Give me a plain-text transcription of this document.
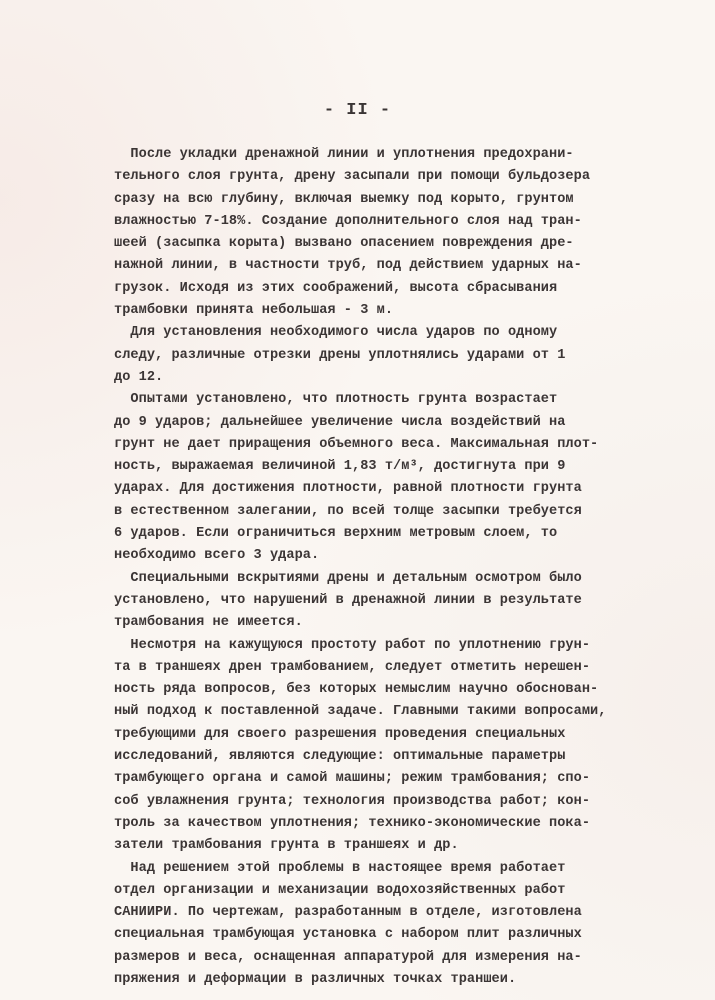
- II -
После укладки дренажной линии и уплотнения предохрани-
тельного слоя грунта, дрену засыпали при помощи бульдозера
сразу на всю глубину, включая выемку под корыто, грунтом
влажностью 7-18%. Создание дополнительного слоя над тран-
шеей (засыпка корыта) вызвано опасением повреждения дре-
нажной линии, в частности труб, под действием ударных на-
грузок. Исходя из этих соображений, высота сбрасывания
трамбовки принята небольшая - 3 м.
Для установления необходимого числа ударов по одному
следу, различные отрезки дрены уплотнялись ударами от 1
до 12.
Опытами установлено, что плотность грунта возрастает
до 9 ударов; дальнейшее увеличение числа воздействий на
грунт не дает приращения объемного веса. Максимальная плот-
ность, выражаемая величиной 1,83 т/м³, достигнута при 9
ударах. Для достижения плотности, равной плотности грунта
в естественном залегании, по всей толще засыпки требуется
6 ударов. Если ограничиться верхним метровым слоем, то
необходимо всего 3 удара.
Специальными вскрытиями дрены и детальным осмотром было
установлено, что нарушений в дренажной линии в результате
трамбования не имеется.
Несмотря на кажущуюся простоту работ по уплотнению грун-
та в траншеях дрен трамбованием, следует отметить нерешен-
ность ряда вопросов, без которых немыслим научно обоснован-
ный подход к поставленной задаче. Главными такими вопросами,
требующими для своего разрешения проведения специальных
исследований, являются следующие: оптимальные параметры
трамбующего органа и самой машины; режим трамбования; спо-
соб увлажнения грунта; технология производства работ; кон-
троль за качеством уплотнения; технико-экономические пока-
затели трамбования грунта в траншеях и др.
Над решением этой проблемы в настоящее время работает
отдел организации и механизации водохозяйственных работ
САНИИРИ. По чертежам, разработанным в отделе, изготовлена
специальная трамбующая установка с набором плит различных
размеров и веса, оснащенная аппаратурой для измерения на-
пряжения и деформации в различных точках траншеи.
